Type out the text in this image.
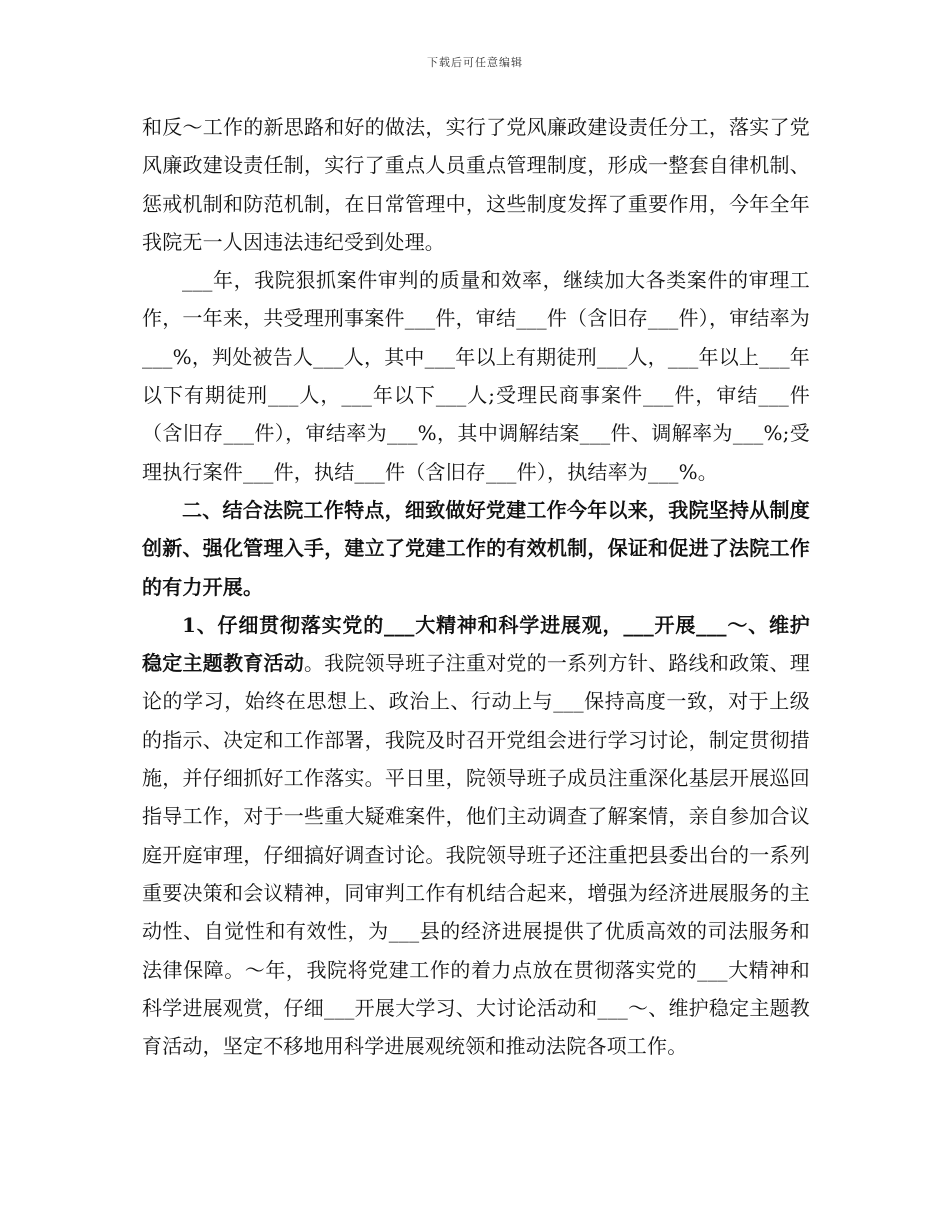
下载后可任意编辑

和反～工作的新思路和好的做法，实行了党风廉政建设责任分工，落实了党风廉政建设责任制，实行了重点人员重点管理制度，形成一整套自律机制、惩戒机制和防范机制，在日常管理中，这些制度发挥了重要作用，今年全年我院无一人因违法违纪受到处理。

___年，我院狠抓案件审判的质量和效率，继续加大各类案件的审理工作，一年来，共受理刑事案件___件，审结___件（含旧存___件），审结率为___%，判处被告人___人，其中___年以上有期徒刑___人，___年以上___年以下有期徒刑___人，___年以下___人;受理民商事案件___件，审结___件（含旧存___件），审结率为___%，其中调解结案___件、调解率为___%;受理执行案件___件，执结___件（含旧存___件），执结率为___%。

二、结合法院工作特点，细致做好党建工作今年以来，我院坚持从制度创新、强化管理入手，建立了党建工作的有效机制，保证和促进了法院工作的有力开展。

1、仔细贯彻落实党的___大精神和科学进展观，___开展___～、维护稳定主题教育活动。我院领导班子注重对党的一系列方针、路线和政策、理论的学习，始终在思想上、政治上、行动上与___保持高度一致，对于上级的指示、决定和工作部署，我院及时召开党组会进行学习讨论，制定贯彻措施，并仔细抓好工作落实。平日里，院领导班子成员注重深化基层开展巡回指导工作，对于一些重大疑难案件，他们主动调查了解案情，亲自参加合议庭开庭审理，仔细搞好调查讨论。我院领导班子还注重把县委出台的一系列重要决策和会议精神，同审判工作有机结合起来，增强为经济进展服务的主动性、自觉性和有效性，为___县的经济进展提供了优质高效的司法服务和法律保障。～年，我院将党建工作的着力点放在贯彻落实党的___大精神和科学进展观赏，仔细___开展大学习、大讨论活动和___～、维护稳定主题教育活动，坚定不移地用科学进展观统领和推动法院各项工作。
